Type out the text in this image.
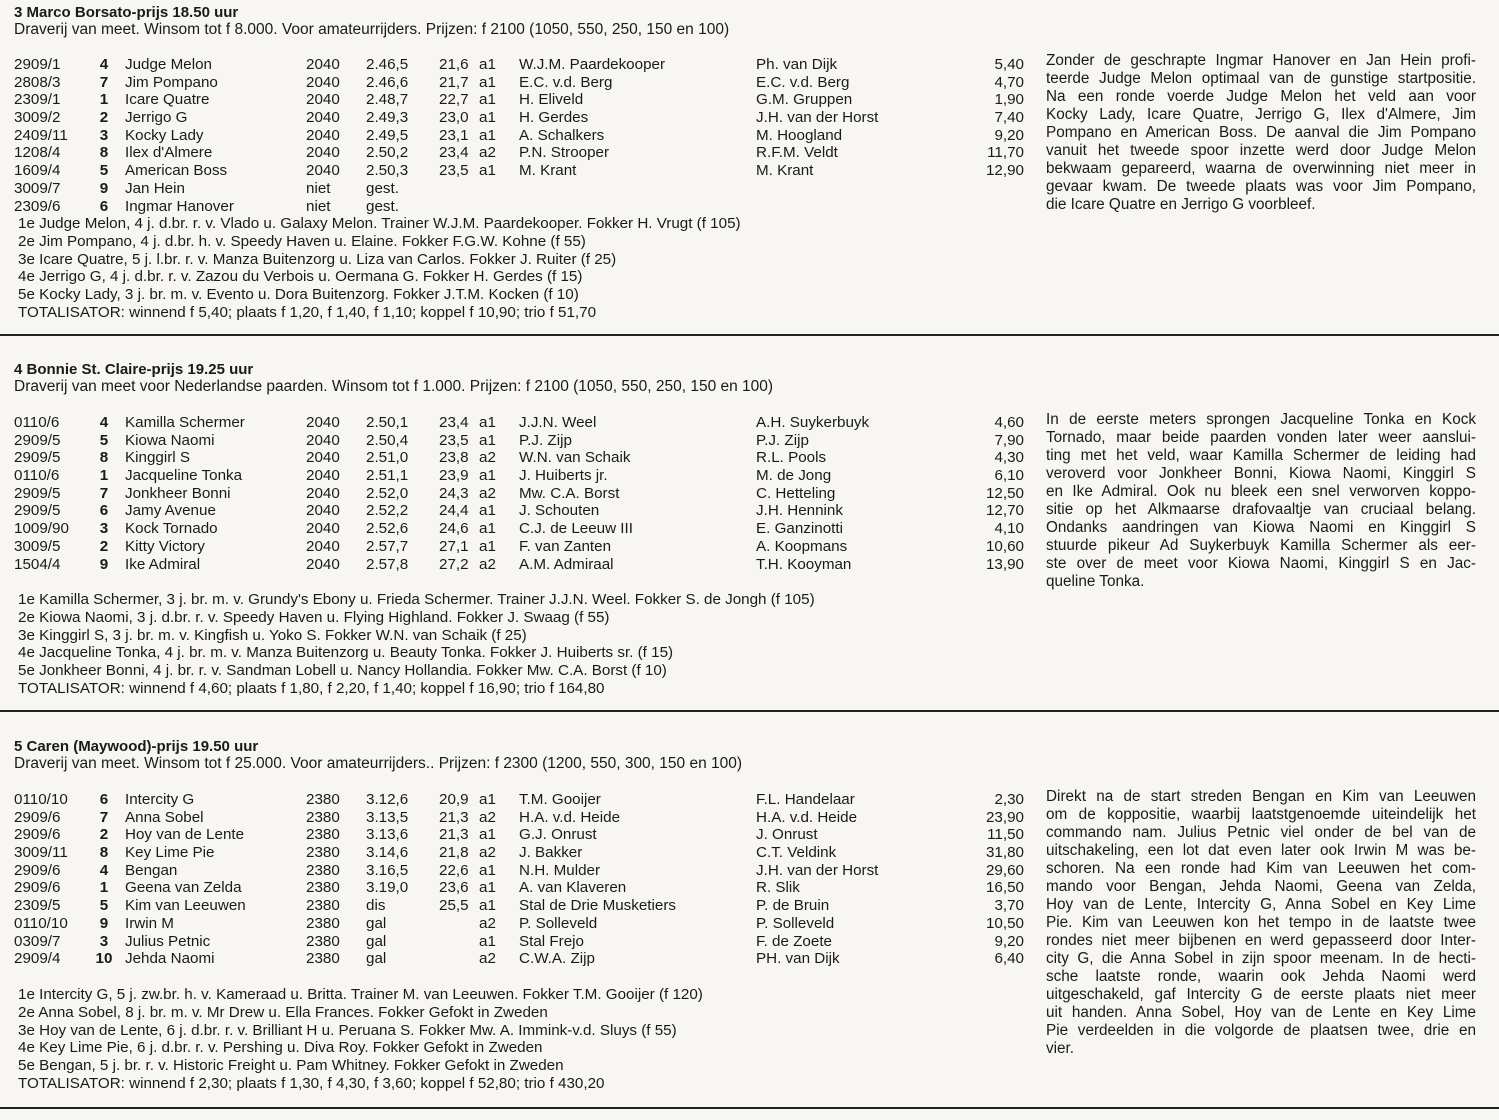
3 Marco Borsato-prijs 18.50 uur
Draverij van meet. Winsom tot f 8.000. Voor amateurrijders. Prijzen: f 2100 (1050, 550, 250, 150 en 100)
2909/1	4	Judge Melon	2040 2.46,5 21,6 a1 W.J.M. Paardekooper	Ph. van Dijk	5,40
2808/3	7	Jim Pompano	2040 2.46,6 21,7 a1 E.C. v.d. Berg	E.C. v.d. Berg	4,70
2309/1	1	Icare Quatre	2040 2.48,7 22,7 a1 H. Eliveld	G.M. Gruppen	1,90
3009/2	2	Jerrigo G	2040 2.49,3 23,0 a1 H. Gerdes	J.H. van der Horst	7,40
2409/11	3	Kocky Lady	2040 2.49,5 23,1 a1 A. Schalkers	M. Hoogland	9,20
1208/4	8	Ilex d'Almere	2040 2.50,2 23,4 a2 P.N. Strooper	R.F.M. Veldt	11,70
1609/4	5	American Boss	2040 2.50,3 23,5 a1 M. Krant	M. Krant	12,90
3009/7	9	Jan Hein	niet gest.
2309/6	6	Ingmar Hanover	niet gest.
1e Judge Melon, 4 j. d.br. r. v. Vlado u. Galaxy Melon. Trainer W.J.M. Paardekooper. Fokker H. Vrugt (f 105)
2e Jim Pompano, 4 j. d.br. h. v. Speedy Haven u. Elaine. Fokker F.G.W. Kohne (f 55)
3e Icare Quatre, 5 j. l.br. r. v. Manza Buitenzorg u. Liza van Carlos. Fokker J. Ruiter (f 25)
4e Jerrigo G, 4 j. d.br. r. v. Zazou du Verbois u. Oermana G. Fokker H. Gerdes (f 15)
5e Kocky Lady, 3 j. br. m. v. Evento u. Dora Buitenzorg. Fokker J.T.M. Kocken (f 10)
TOTALISATOR: winnend f 5,40; plaats f 1,20, f 1,40, f 1,10; koppel f 10,90; trio f 51,70
Zonder de geschrapte Ingmar Hanover en Jan Hein profi-
teerde Judge Melon optimaal van de gunstige startpositie.
Na een ronde voerde Judge Melon het veld aan voor
Kocky Lady, Icare Quatre, Jerrigo G, Ilex d'Almere, Jim
Pompano en American Boss. De aanval die Jim Pompano
vanuit het tweede spoor inzette werd door Judge Melon
bekwaam gepareerd, waarna de overwinning niet meer in
gevaar kwam. De tweede plaats was voor Jim Pompano,
die Icare Quatre en Jerrigo G voorbleef.
4 Bonnie St. Claire-prijs 19.25 uur
Draverij van meet voor Nederlandse paarden. Winsom tot f 1.000. Prijzen: f 2100 (1050, 550, 250, 150 en 100)
0110/6	4	Kamilla Schermer	2040 2.50,1 23,4 a1 J.J.N. Weel	A.H. Suykerbuyk	4,60
2909/5	5	Kiowa Naomi	2040 2.50,4 23,5 a1 P.J. Zijp	P.J. Zijp	7,90
2909/5	8	Kinggirl S	2040 2.51,0 23,8 a2 W.N. van Schaik	R.L. Pools	4,30
0110/6	1	Jacqueline Tonka	2040 2.51,1 23,9 a1 J. Huiberts jr.	M. de Jong	6,10
2909/5	7	Jonkheer Bonni	2040 2.52,0 24,3 a2 Mw. C.A. Borst	C. Hetteling	12,50
2909/5	6	Jamy Avenue	2040 2.52,2 24,4 a1 J. Schouten	J.H. Hennink	12,70
1009/90	3	Kock Tornado	2040 2.52,6 24,6 a1 C.J. de Leeuw III	E. Ganzinotti	4,10
3009/5	2	Kitty Victory	2040 2.57,7 27,1 a1 F. van Zanten	A. Koopmans	10,60
1504/4	9	Ike Admiral	2040 2.57,8 27,2 a2 A.M. Admiraal	T.H. Kooyman	13,90
1e Kamilla Schermer, 3 j. br. m. v. Grundy's Ebony u. Frieda Schermer. Trainer J.J.N. Weel. Fokker S. de Jongh (f 105)
2e Kiowa Naomi, 3 j. d.br. r. v. Speedy Haven u. Flying Highland. Fokker J. Swaag (f 55)
3e Kinggirl S, 3 j. br. m. v. Kingfish u. Yoko S. Fokker W.N. van Schaik (f 25)
4e Jacqueline Tonka, 4 j. br. m. v. Manza Buitenzorg u. Beauty Tonka. Fokker J. Huiberts sr. (f 15)
5e Jonkheer Bonni, 4 j. br. r. v. Sandman Lobell u. Nancy Hollandia. Fokker Mw. C.A. Borst (f 10)
TOTALISATOR: winnend f 4,60; plaats f 1,80, f 2,20, f 1,40; koppel f 16,90; trio f 164,80
In de eerste meters sprongen Jacqueline Tonka en Kock
Tornado, maar beide paarden vonden later weer aanslui-
ting met het veld, waar Kamilla Schermer de leiding had
veroverd voor Jonkheer Bonni, Kiowa Naomi, Kinggirl S
en Ike Admiral. Ook nu bleek een snel verworven koppo-
sitie op het Alkmaarse drafovaaltje van cruciaal belang.
Ondanks aandringen van Kiowa Naomi en Kinggirl S
stuurde pikeur Ad Suykerbuyk Kamilla Schermer als eer-
ste over de meet voor Kiowa Naomi, Kinggirl S en Jac-
queline Tonka.
5 Caren (Maywood)-prijs 19.50 uur
Draverij van meet. Winsom tot f 25.000. Voor amateurrijders.. Prijzen: f 2300 (1200, 550, 300, 150 en 100)
0110/10	6	Intercity G	2380 3.12,6 20,9 a1 T.M. Gooijer	F.L. Handelaar	2,30
2909/6	7	Anna Sobel	2380 3.13,5 21,3 a2 H.A. v.d. Heide	H.A. v.d. Heide	23,90
2909/6	2	Hoy van de Lente	2380 3.13,6 21,3 a1 G.J. Onrust	J. Onrust	11,50
3009/11	8	Key Lime Pie	2380 3.14,6 21,8 a2 J. Bakker	C.T. Veldink	31,80
2909/6	4	Bengan	2380 3.16,5 22,6 a1 N.H. Mulder	J.H. van der Horst	29,60
2909/6	1	Geena van Zelda	2380 3.19,0 23,6 a1 A. van Klaveren	R. Slik	16,50
2309/5	5	Kim van Leeuwen	2380 dis	25,5 a1 Stal de Drie Musketiers	P. de Bruin	3,70
0110/10	9	Irwin M	2380 gal	a2 P. Solleveld	P. Solleveld	10,50
0309/7	3	Julius Petnic	2380 gal	a1 Stal Frejo	F. de Zoete	9,20
2909/4 10 Jehda Naomi	2380 gal	a2 C.W.A. Zijp	PH. van Dijk	6,40
1e Intercity G, 5 j. zw.br. h. v. Kameraad u. Britta. Trainer M. van Leeuwen. Fokker T.M. Gooijer (f 120)
2e Anna Sobel, 8 j. br. m. v. Mr Drew u. Ella Frances. Fokker Gefokt in Zweden
3e Hoy van de Lente, 6 j. d.br. r. v. Brilliant H u. Peruana S. Fokker Mw. A. Immink-v.d. Sluys (f 55)
4e Key Lime Pie, 6 j. d.br. r. v. Pershing u. Diva Roy. Fokker Gefokt in Zweden
5e Bengan, 5 j. br. r. v. Historic Freight u. Pam Whitney. Fokker Gefokt in Zweden
TOTALISATOR: winnend f 2,30; plaats f 1,30, f 4,30, f 3,60; koppel f 52,80; trio f 430,20
Direkt na de start streden Bengan en Kim van Leeuwen
om de koppositie, waarbij laatstgenoemde uiteindelijk het
commando nam. Julius Petnic viel onder de bel van de
uitschakeling, een lot dat even later ook Irwin M was be-
schoren. Na een ronde had Kim van Leeuwen het com-
mando voor Bengan, Jehda Naomi, Geena van Zelda,
Hoy van de Lente, Intercity G, Anna Sobel en Key Lime
Pie. Kim van Leeuwen kon het tempo in de laatste twee
rondes niet meer bijbenen en werd gepasseerd door Inter-
city G, die Anna Sobel in zijn spoor meenam. In de hecti-
sche laatste ronde, waarin ook Jehda Naomi werd
uitgeschakeld, gaf Intercity G de eerste plaats niet meer
uit handen. Anna Sobel, Hoy van de Lente en Key Lime
Pie verdeelden in die volgorde de plaatsen twee, drie en
vier.
